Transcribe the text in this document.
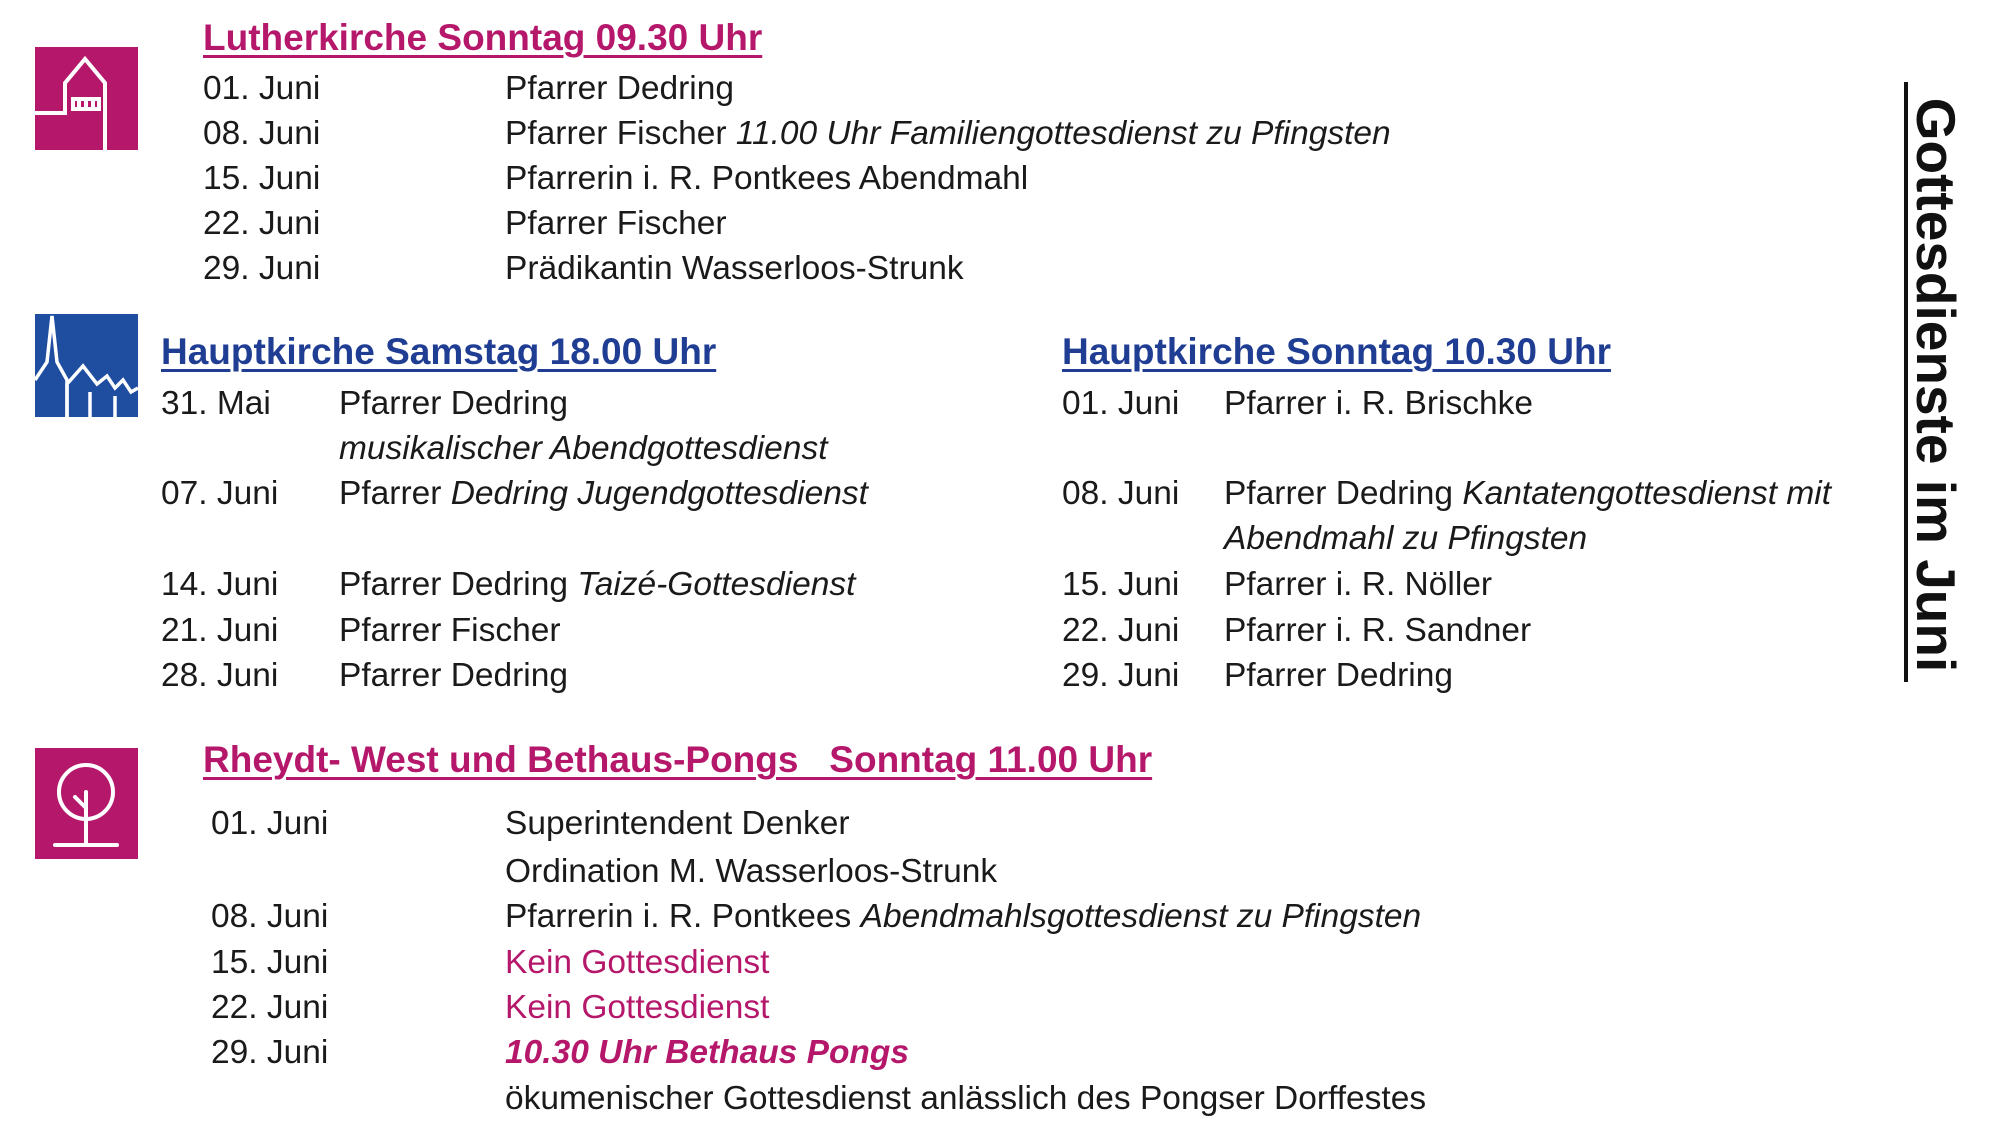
Lutherkirche Sonntag 09.30 Uhr
01. Juni	Pfarrer Dedring
08. Juni	Pfarrer Fischer 11.00 Uhr Familiengottesdienst zu Pfingsten
15. Juni	Pfarrerin i. R. Pontkees Abendmahl
22. Juni	Pfarrer Fischer
29. Juni	Prädikantin Wasserloos-Strunk
Hauptkirche Samstag 18.00 Uhr
31. Mai Pfarrer Dedring
musikalischer Abendgottesdienst
07. Juni Pfarrer Dedring Jugendgottesdienst
14. Juni Pfarrer Dedring Taizé-Gottesdienst
21. Juni Pfarrer Fischer
28. Juni Pfarrer Dedring
Hauptkirche Sonntag 10.30 Uhr
01. Juni Pfarrer i. R. Brischke
08. Juni Pfarrer Dedring Kantatengottesdienst mit
Abendmahl zu Pfingsten
15. Juni Pfarrer i. R. Nöller
22. Juni Pfarrer i. R. Sandner
29. Juni Pfarrer Dedring
Rheydt- West und Bethaus-Pongs   Sonntag 11.00 Uhr
01. Juni	Superintendent Denker
Ordination M. Wasserloos-Strunk
08. Juni	Pfarrerin i. R. Pontkees Abendmahlsgottesdienst zu Pfingsten
15. Juni	Kein Gottesdienst
22. Juni	Kein Gottesdienst
29. Juni	10.30 Uhr Bethaus Pongs
ökumenischer Gottesdienst anlässlich des Pongser Dorffestes
Gottesdienste im Juni
